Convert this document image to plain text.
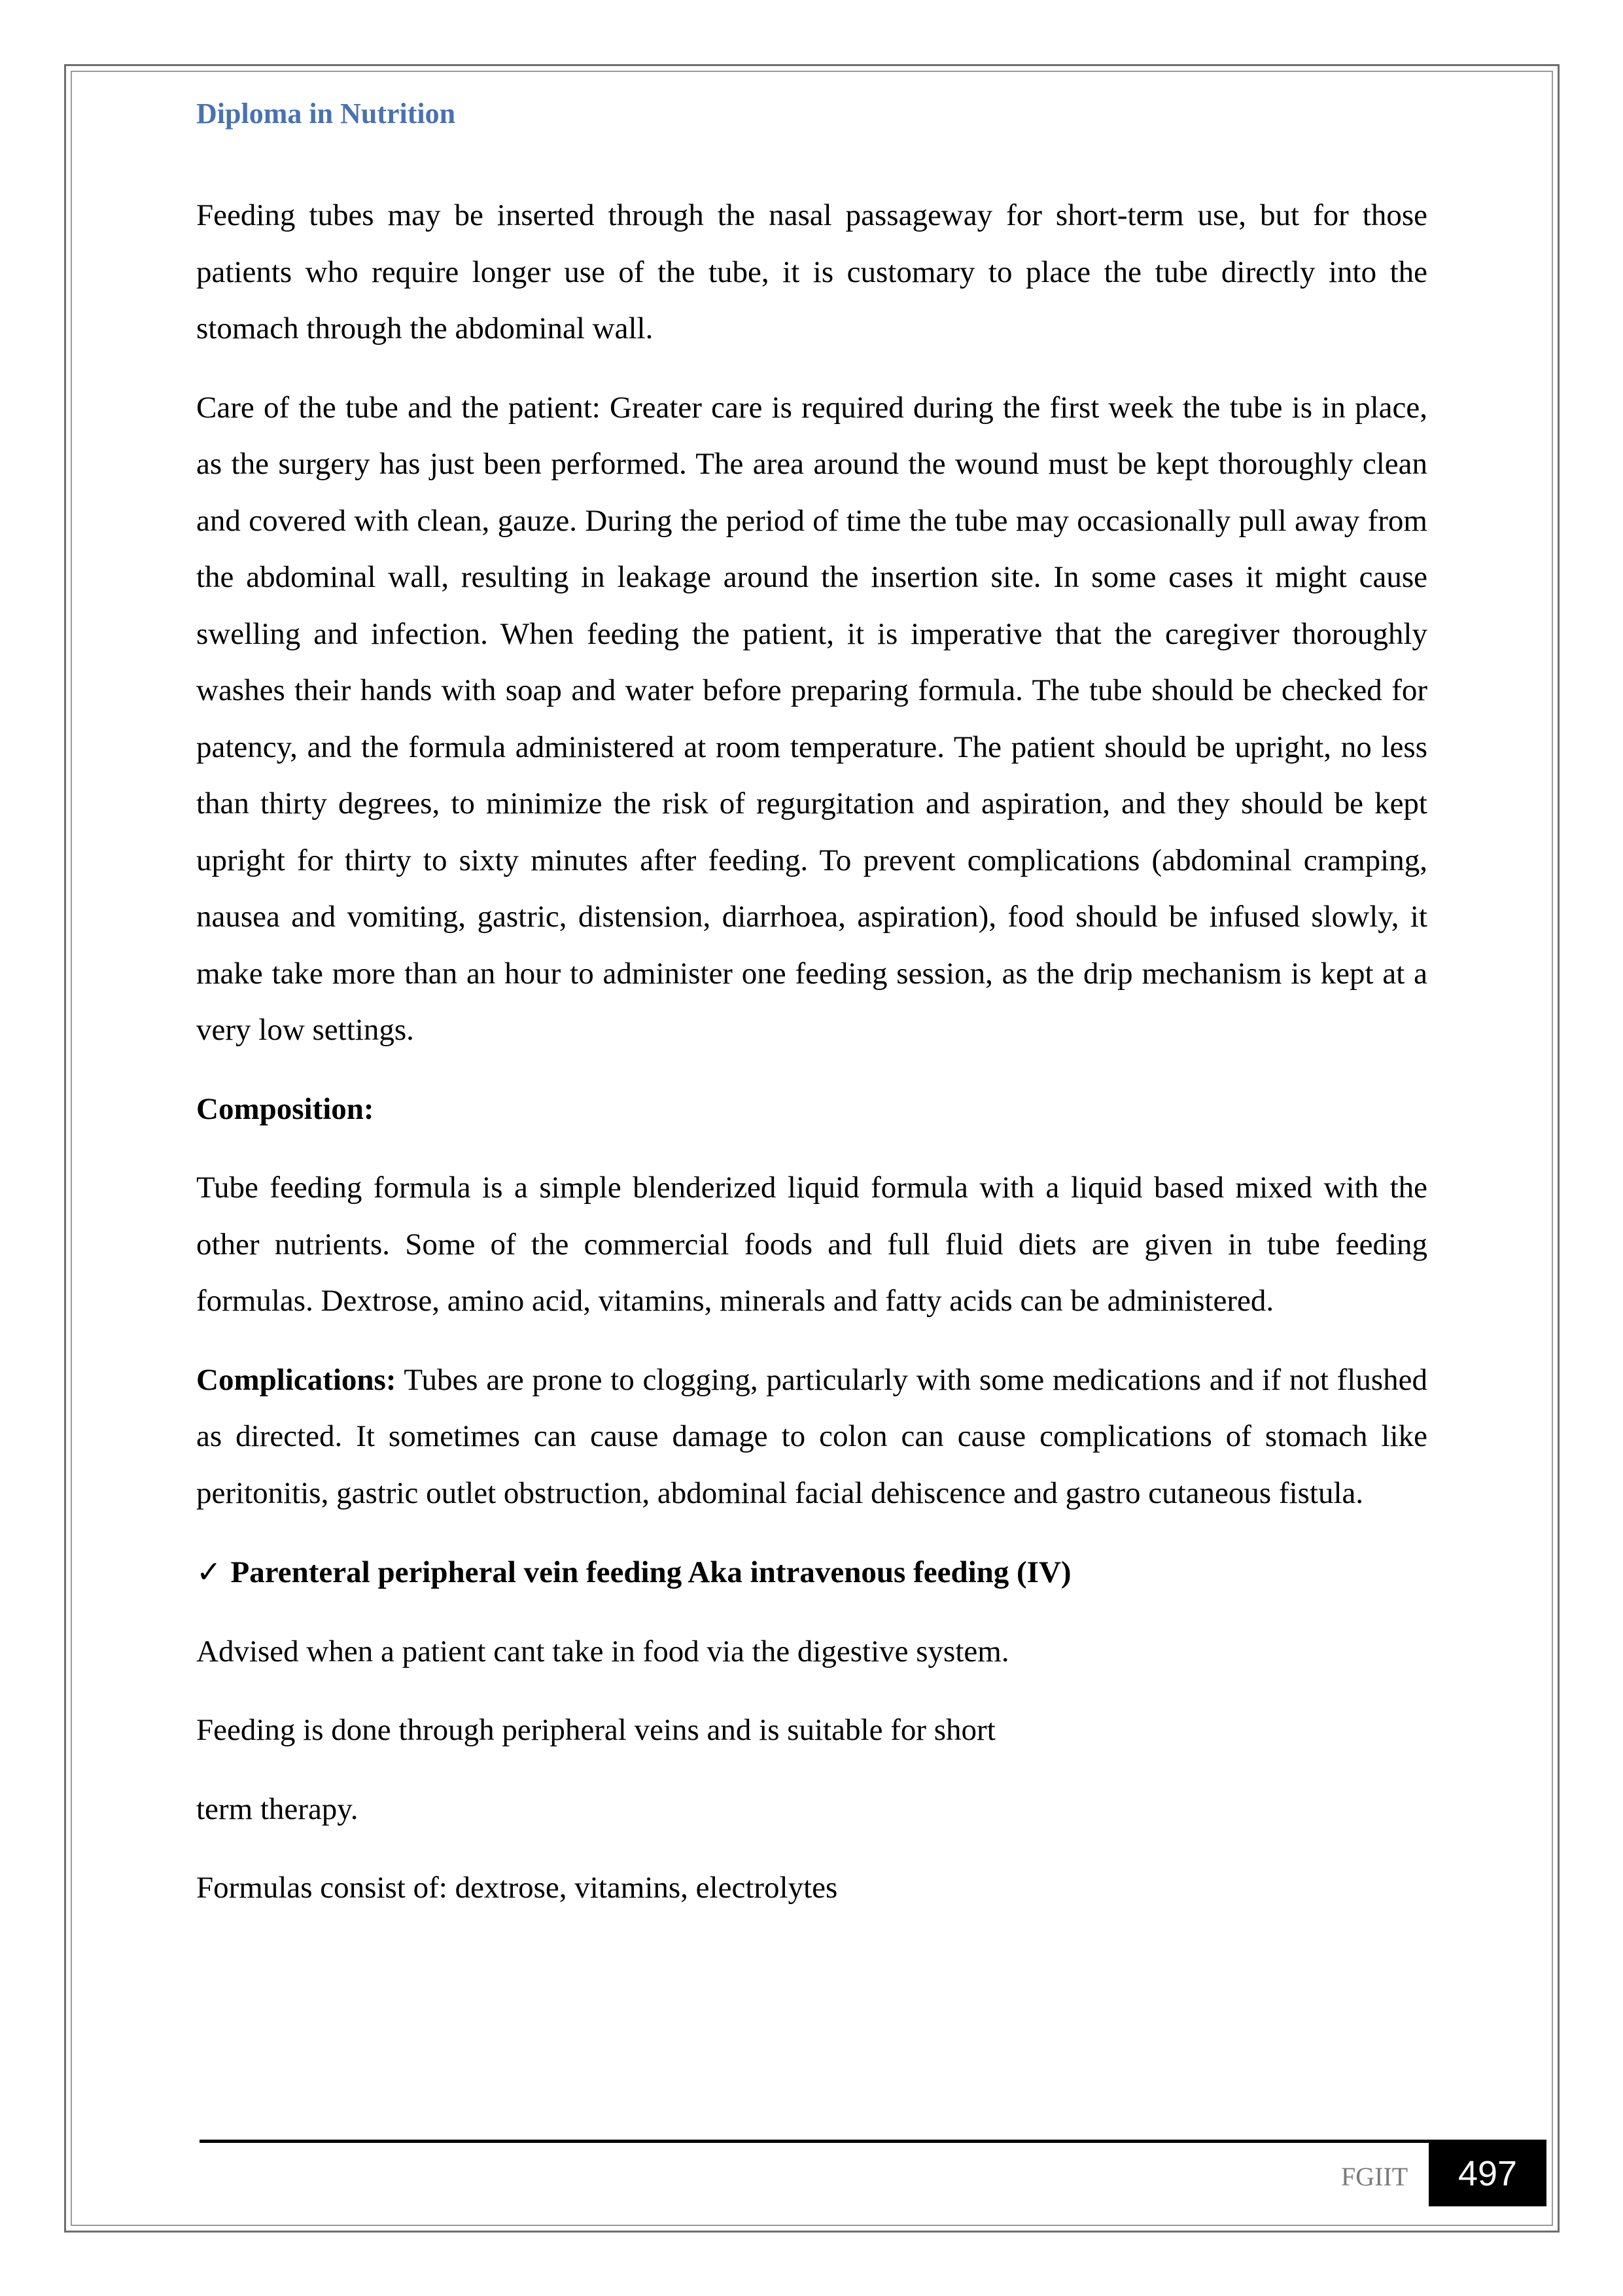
Diploma in Nutrition

Feeding tubes may be inserted through the nasal passageway for short-term use, but for those patients who require longer use of the tube, it is customary to place the tube directly into the stomach through the abdominal wall.

Care of the tube and the patient: Greater care is required during the first week the tube is in place, as the surgery has just been performed. The area around the wound must be kept thoroughly clean and covered with clean, gauze. During the period of time the tube may occasionally pull away from the abdominal wall, resulting in leakage around the insertion site. In some cases it might cause swelling and infection. When feeding the patient, it is imperative that the caregiver thoroughly washes their hands with soap and water before preparing formula. The tube should be checked for patency, and the formula administered at room temperature. The patient should be upright, no less than thirty degrees, to minimize the risk of regurgitation and aspiration, and they should be kept upright for thirty to sixty minutes after feeding. To prevent complications (abdominal cramping, nausea and vomiting, gastric, distension, diarrhoea, aspiration), food should be infused slowly, it make take more than an hour to administer one feeding session, as the drip mechanism is kept at a very low settings.

Composition:

Tube feeding formula is a simple blenderized liquid formula with a liquid based mixed with the other nutrients. Some of the commercial foods and full fluid diets are given in tube feeding formulas. Dextrose, amino acid, vitamins, minerals and fatty acids can be administered.

Complications: Tubes are prone to clogging, particularly with some medications and if not flushed as directed. It sometimes can cause damage to colon can cause complications of stomach like peritonitis, gastric outlet obstruction, abdominal facial dehiscence and gastro cutaneous fistula.

✓ Parenteral peripheral vein feeding Aka intravenous feeding (IV)

Advised when a patient cant take in food via the digestive system.

Feeding is done through peripheral veins and is suitable for short

term therapy.

Formulas consist of: dextrose, vitamins, electrolytes

FGIIT	497
